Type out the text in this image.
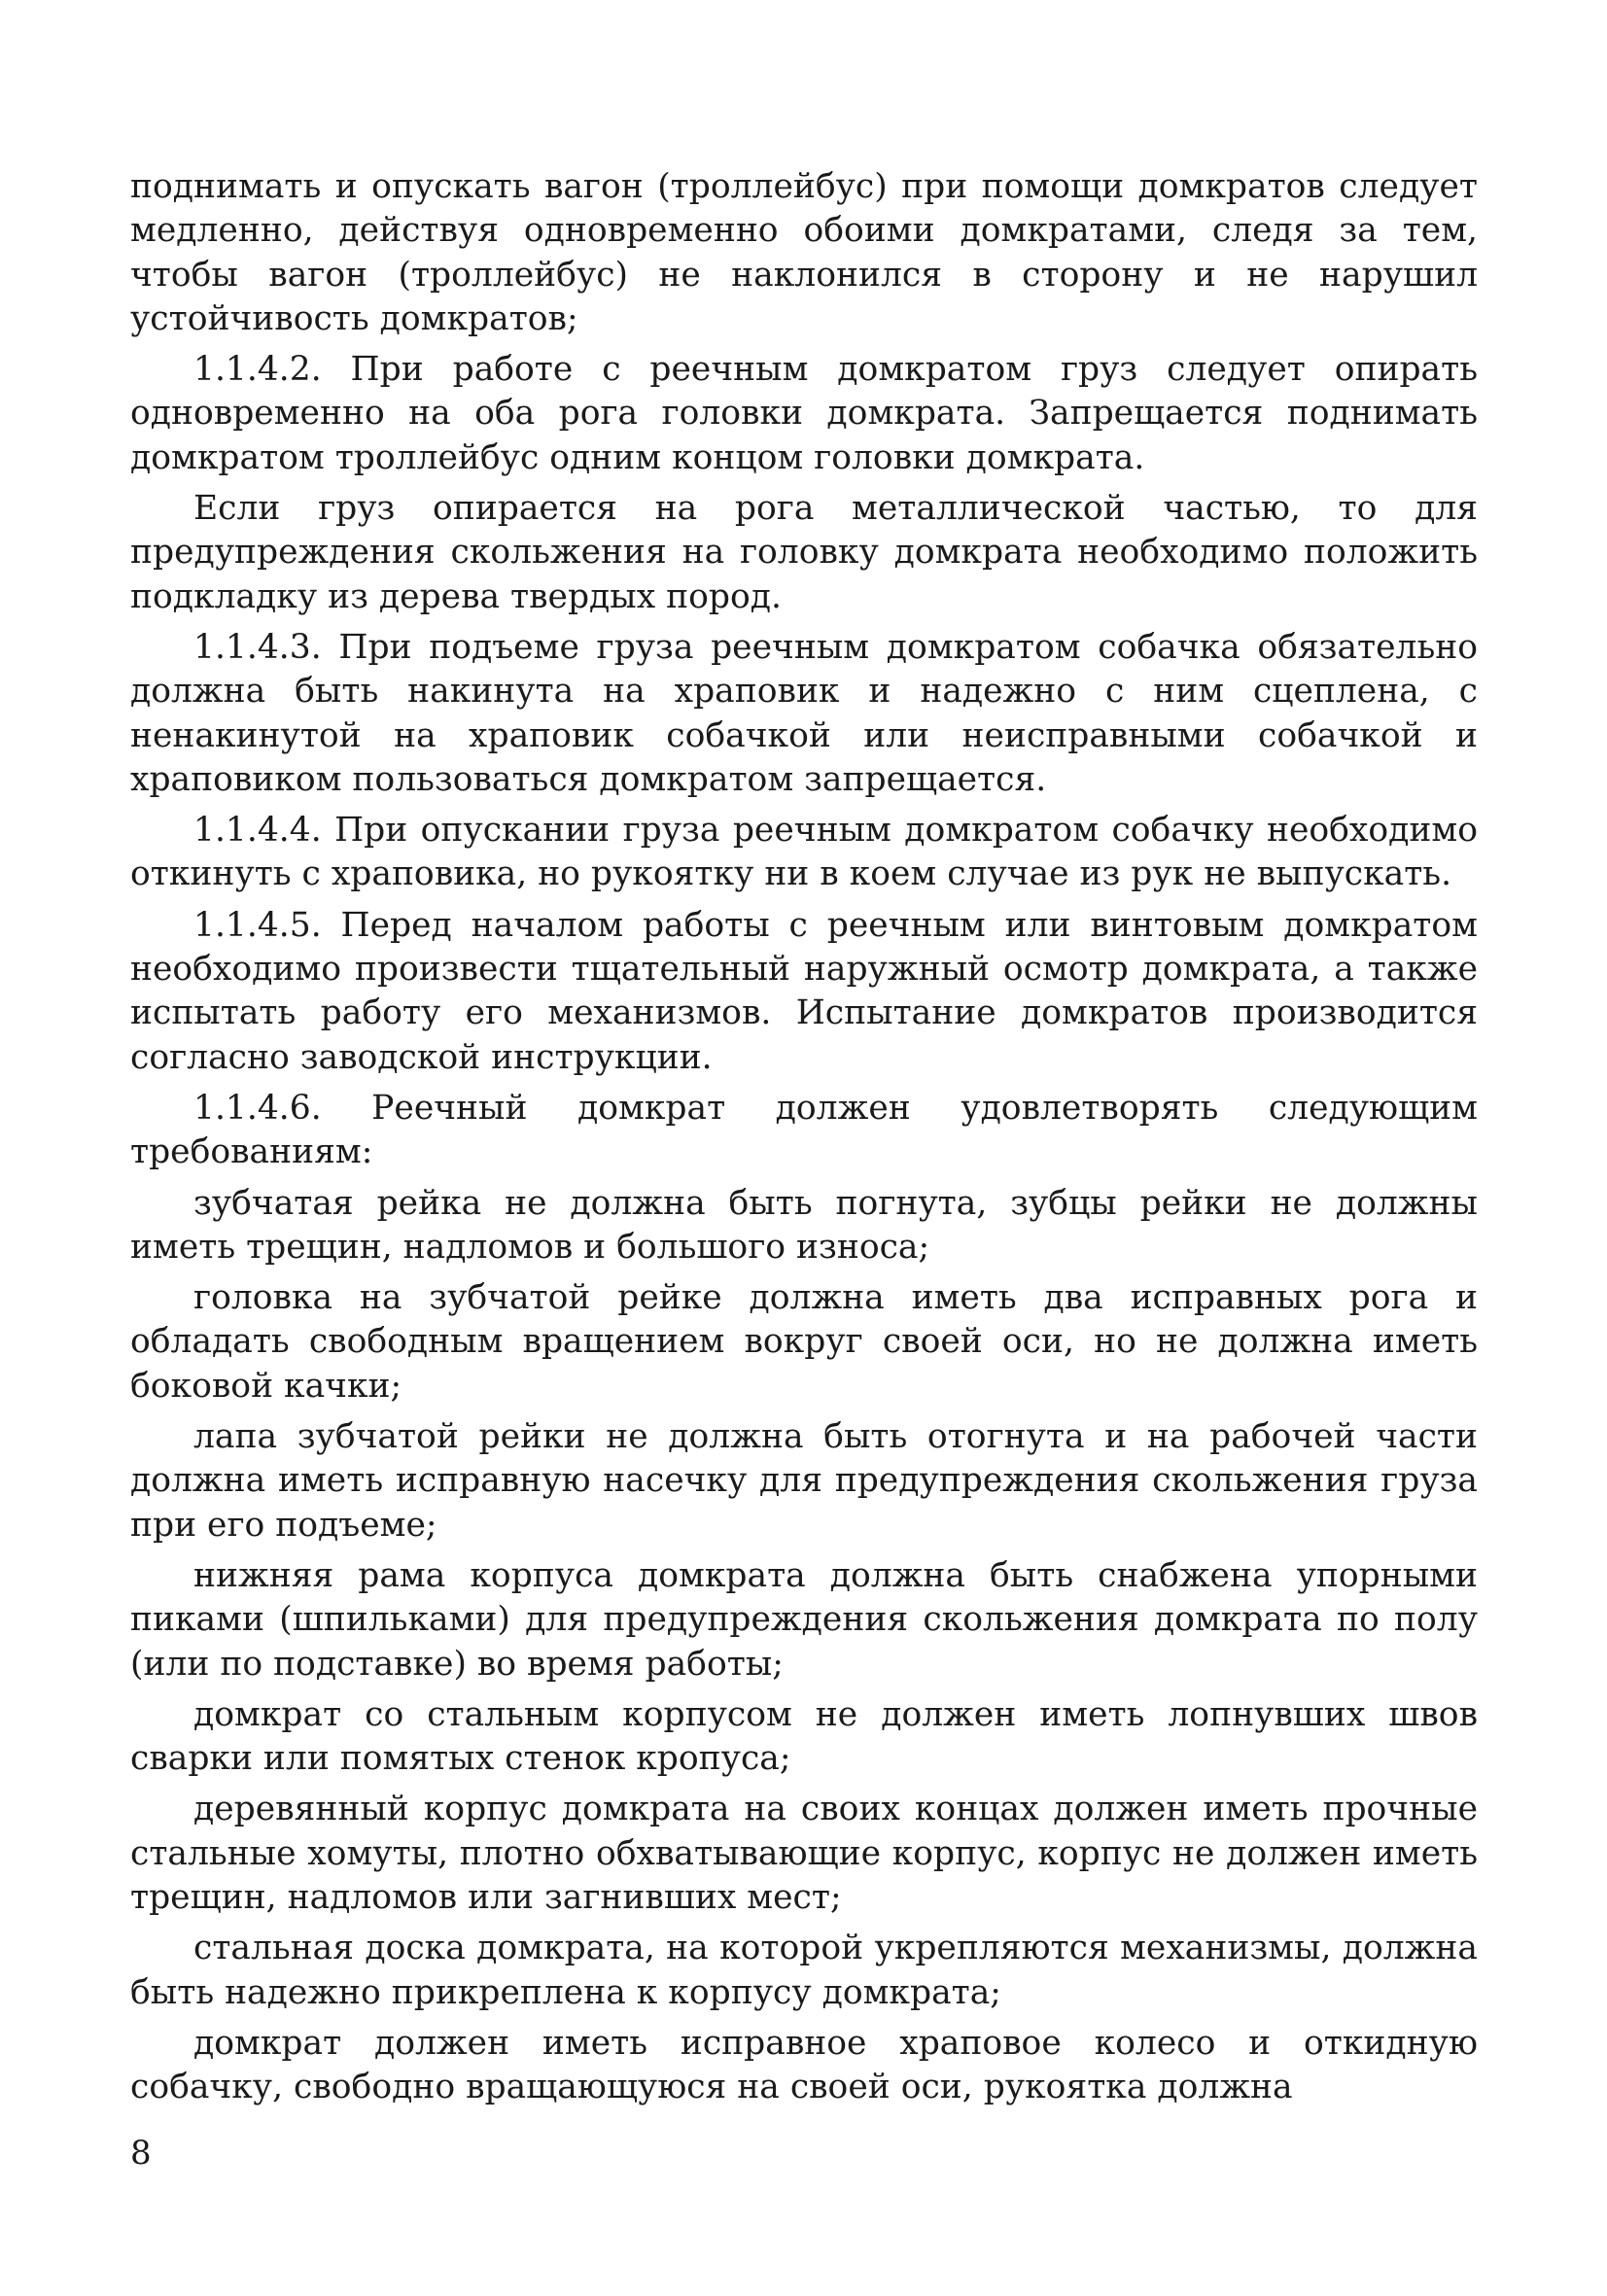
поднимать и опускать вагон (троллейбус) при помощи домкратов следует медленно, действуя одновременно обоими домкратами, следя за тем, чтобы вагон (троллейбус) не наклонился в сторону и не нарушил устойчивость домкратов;

1.1.4.2. При работе с реечным домкратом груз следует опирать одновременно на оба рога головки домкрата. Запрещается поднимать домкратом троллейбус одним концом головки домкрата.

Если груз опирается на рога металлической частью, то для предупреждения скольжения на головку домкрата необходимо положить подкладку из дерева твердых пород.

1.1.4.3. При подъеме груза реечным домкратом собачка обязательно должна быть накинута на храповик и надежно с ним сцеплена, с ненакинутой на храповик собачкой или неисправными собачкой и храповиком пользоваться домкратом запрещается.

1.1.4.4. При опускании груза реечным домкратом собачку необходимо откинуть с храповика, но рукоятку ни в коем случае из рук не выпускать.

1.1.4.5. Перед началом работы с реечным или винтовым домкратом необходимо произвести тщательный наружный осмотр домкрата, а также испытать работу его механизмов. Испытание домкратов производится согласно заводской инструкции.

1.1.4.6. Реечный домкрат должен удовлетворять следующим требованиям:

зубчатая рейка не должна быть погнута, зубцы рейки не должны иметь трещин, надломов и большого износа;

головка на зубчатой рейке должна иметь два исправных рога и обладать свободным вращением вокруг своей оси, но не должна иметь боковой качки;

лапа зубчатой рейки не должна быть отогнута и на рабочей части должна иметь исправную насечку для предупреждения скольжения груза при его подъеме;

нижняя рама корпуса домкрата должна быть снабжена упорными пиками (шпильками) для предупреждения скольжения домкрата по полу (или по подставке) во время работы;

домкрат со стальным корпусом не должен иметь лопнувших швов сварки или помятых стенок кропуса;

деревянный корпус домкрата на своих концах должен иметь прочные стальные хомуты, плотно обхватывающие корпус, корпус не должен иметь трещин, надломов или загнивших мест;

стальная доска домкрата, на которой укрепляются механизмы, должна быть надежно прикреплена к корпусу домкрата;

домкрат должен иметь исправное храповое колесо и откидную собачку, свободно вращающуюся на своей оси, рукоятка должна

8
